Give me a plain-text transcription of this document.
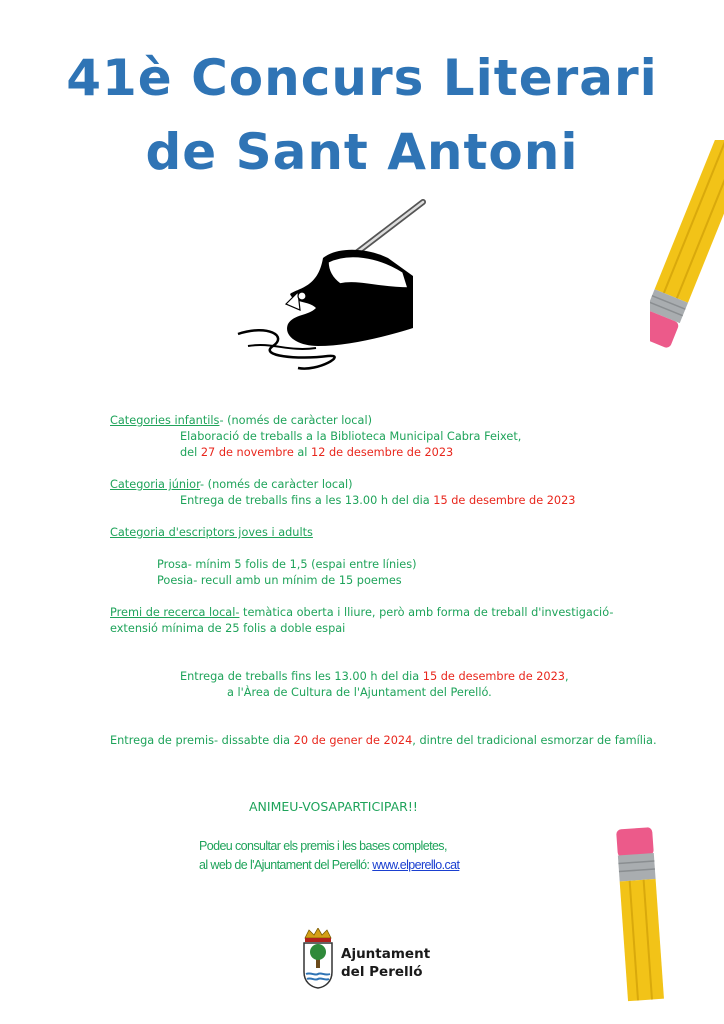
41è Concurs Literari
de Sant Antoni
Categories infantils- (només de caràcter local)
Elaboració de treballs a la Biblioteca Municipal Cabra Feixet,
del 27 de novembre al 12 de desembre de 2023
Categoria júnior- (només de caràcter local)
Entrega de treballs fins a les 13.00 h del dia 15 de desembre de 2023
Categoria d'escriptors joves i adults
Prosa- mínim 5 folis de 1,5 (espai entre línies)
Poesia- recull amb un mínim de 15 poemes
Premi de recerca local- temàtica oberta i lliure, però amb forma de treball d'investigació-
extensió mínima de 25 folis a doble espai
Entrega de treballs fins les 13.00 h del dia 15 de desembre de 2023,
a l'Àrea de Cultura de l'Ajuntament del Perelló.
Entrega de premis- dissabte dia 20 de gener de 2024, dintre del tradicional esmorzar de família.
ANIMEU-VOSAPARTICIPAR!!
Podeu consultar els premis i les bases completes,
al web de l'Ajuntament del Perelló: www.elperello.cat
Ajuntament
del Perelló
